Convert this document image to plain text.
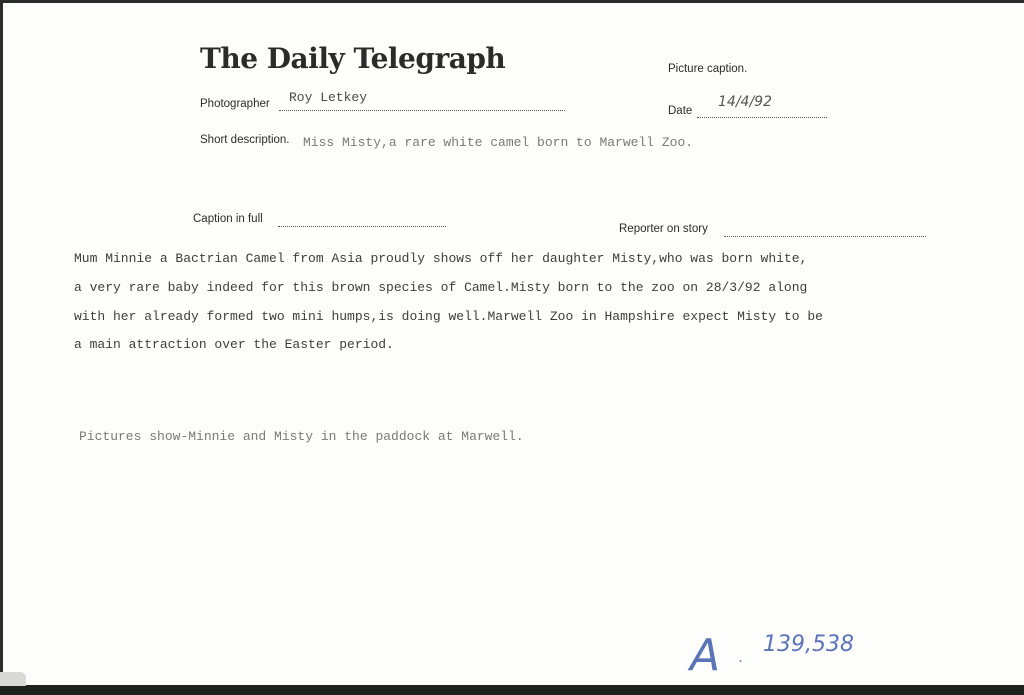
The Daily Telegraph	Picture caption.
Photographer Roy Letkey
Date
14/4/92
Short description. Miss Misty,a rare white camel born to Marwell Zoo.
Caption in full
Reporter on story
Mum Minnie a Bactrian Camel from Asia proudly shows off her daughter Misty,who was born white,
a very rare baby indeed for this brown species of Camel.Misty born to the zoo on 28/3/92 along
with her already formed two mini humps,is doing well.Marwell Zoo in Hampshire expect Misty to be
a main attraction over the Easter period.
Pictures show-Minnie and Misty in the paddock at Marwell.
A ·
139,538
